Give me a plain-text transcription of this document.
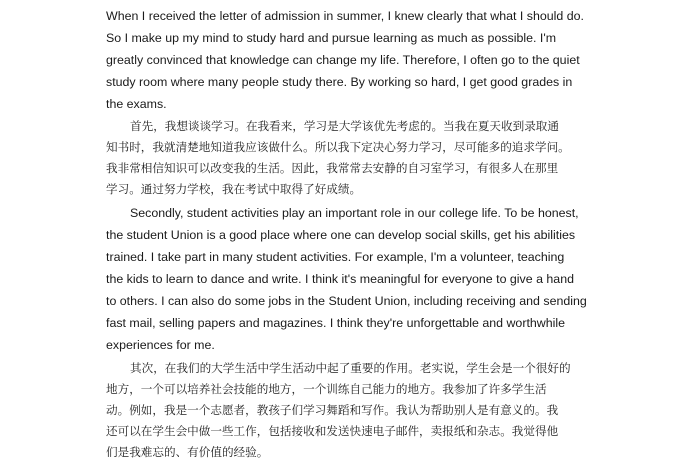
When I received the letter of admission in summer, I knew clearly that what I should do.

So I make up my mind to study hard and pursue learning as much as possible. I'm

greatly convinced that knowledge can change my life. Therefore, I often go to the quiet

study room where many people study there. By working so hard, I get good grades in

the exams.

首先，我想谈谈学习。在我看来，学习是大学该优先考虑的。当我在夏天收到录取通

知书时，我就清楚地知道我应该做什么。所以我下定决心努力学习，尽可能多的追求学问。

我非常相信知识可以改变我的生活。因此，我常常去安静的自习室学习，有很多人在那里

学习。通过努力学校，我在考试中取得了好成绩。

Secondly, student activities play an important role in our college life. To be honest,

the student Union is a good place where one can develop social skills, get his abilities

trained. I take part in many student activities. For example, I'm a volunteer, teaching

the kids to learn to dance and write. I think it's meaningful for everyone to give a hand

to others. I can also do some jobs in the Student Union, including receiving and sending

fast mail, selling papers and magazines. I think they're unforgettable and worthwhile

experiences for me.

其次，在我们的大学生活中学生活动中起了重要的作用。老实说，学生会是一个很好的

地方，一个可以培养社会技能的地方，一个训练自己能力的地方。我参加了许多学生活

动。例如，我是一个志愿者，教孩子们学习舞蹈和写作。我认为帮助别人是有意义的。我

还可以在学生会中做一些工作，包括接收和发送快速电子邮件，卖报纸和杂志。我觉得他

们是我难忘的、有价值的经验。
